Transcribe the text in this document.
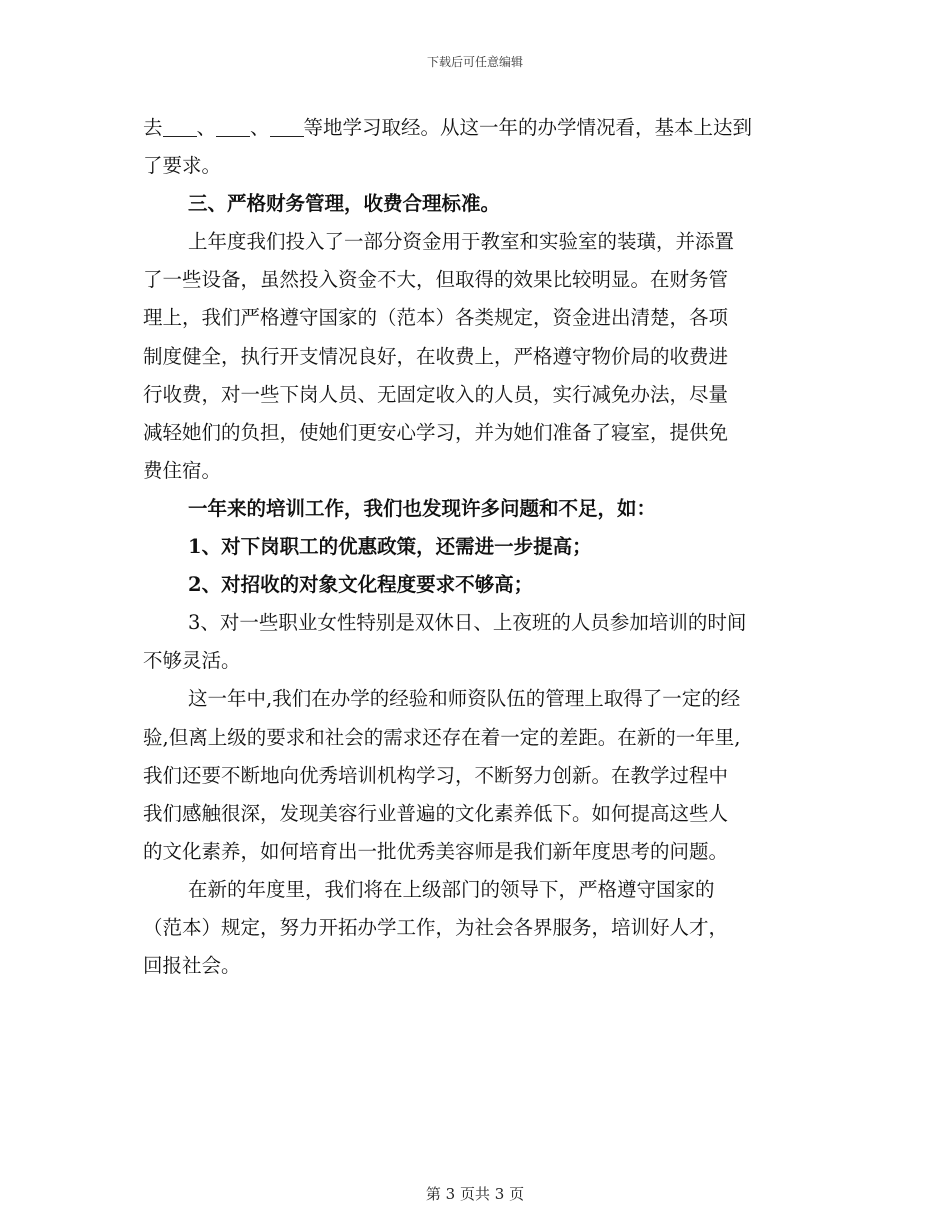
下载后可任意编辑
去 、 、 等地学习取经。从这一年的办学情况看，基本上达到
了要求。
三、严格财务管理，收费合理标准。
上年度我们投入了一部分资金用于教室和实验室的装璜，并添置
了一些设备，虽然投入资金不大，但取得的效果比较明显。在财务管
理上，我们严格遵守国家的（范本）各类规定，资金进出清楚，各项
制度健全，执行开支情况良好，在收费上，严格遵守物价局的收费进
行收费，对一些下岗人员、无固定收入的人员，实行减免办法，尽量
减轻她们的负担，使她们更安心学习，并为她们准备了寝室，提供免
费住宿。
一年来的培训工作，我们也发现许多问题和不足，如：
1、对下岗职工的优惠政策，还需进一步提高；
2、对招收的对象文化程度要求不够高；
3、对一些职业女性特别是双休日、上夜班的人员参加培训的时间
不够灵活。
这一年中,我们在办学的经验和师资队伍的管理上取得了一定的经
验,但离上级的要求和社会的需求还存在着一定的差距。在新的一年里,
我们还要不断地向优秀培训机构学习，不断努力创新。在教学过程中
我们感触很深，发现美容行业普遍的文化素养低下。如何提高这些人
的文化素养，如何培育出一批优秀美容师是我们新年度思考的问题。
在新的年度里，我们将在上级部门的领导下，严格遵守国家的
（范本）规定，努力开拓办学工作，为社会各界服务，培训好人才，
回报社会。
第 3 页共 3 页
